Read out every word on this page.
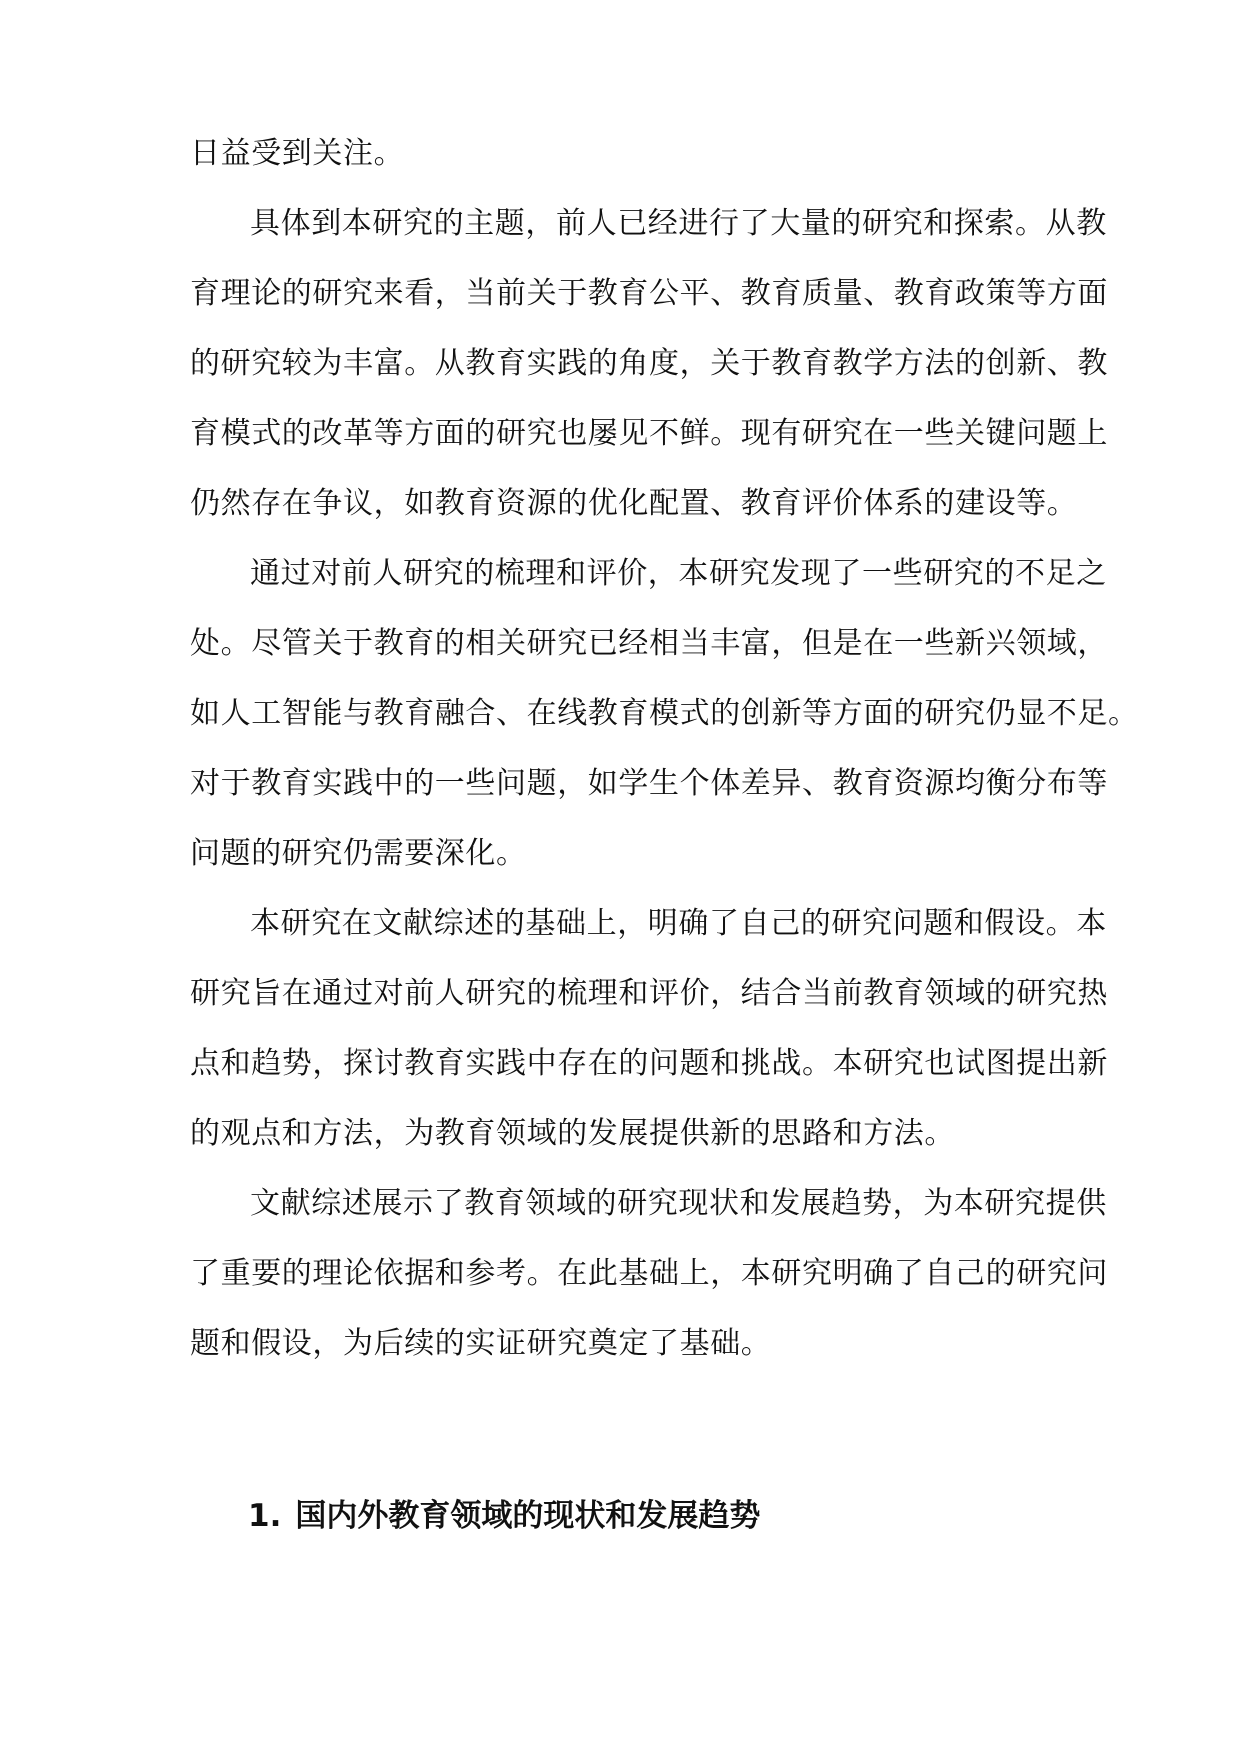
日益受到关注。
具体到本研究的主题，前人已经进行了大量的研究和探索。从教
育理论的研究来看，当前关于教育公平、教育质量、教育政策等方面
的研究较为丰富。从教育实践的角度，关于教育教学方法的创新、教
育模式的改革等方面的研究也屡见不鲜。现有研究在一些关键问题上
仍然存在争议，如教育资源的优化配置、教育评价体系的建设等。
通过对前人研究的梳理和评价，本研究发现了一些研究的不足之
处。尽管关于教育的相关研究已经相当丰富，但是在一些新兴领域，
如人工智能与教育融合、在线教育模式的创新等方面的研究仍显不足。
对于教育实践中的一些问题，如学生个体差异、教育资源均衡分布等
问题的研究仍需要深化。
本研究在文献综述的基础上，明确了自己的研究问题和假设。本
研究旨在通过对前人研究的梳理和评价，结合当前教育领域的研究热
点和趋势，探讨教育实践中存在的问题和挑战。本研究也试图提出新
的观点和方法，为教育领域的发展提供新的思路和方法。
文献综述展示了教育领域的研究现状和发展趋势，为本研究提供
了重要的理论依据和参考。在此基础上，本研究明确了自己的研究问
题和假设，为后续的实证研究奠定了基础。
1. 国内外教育领域的现状和发展趋势
